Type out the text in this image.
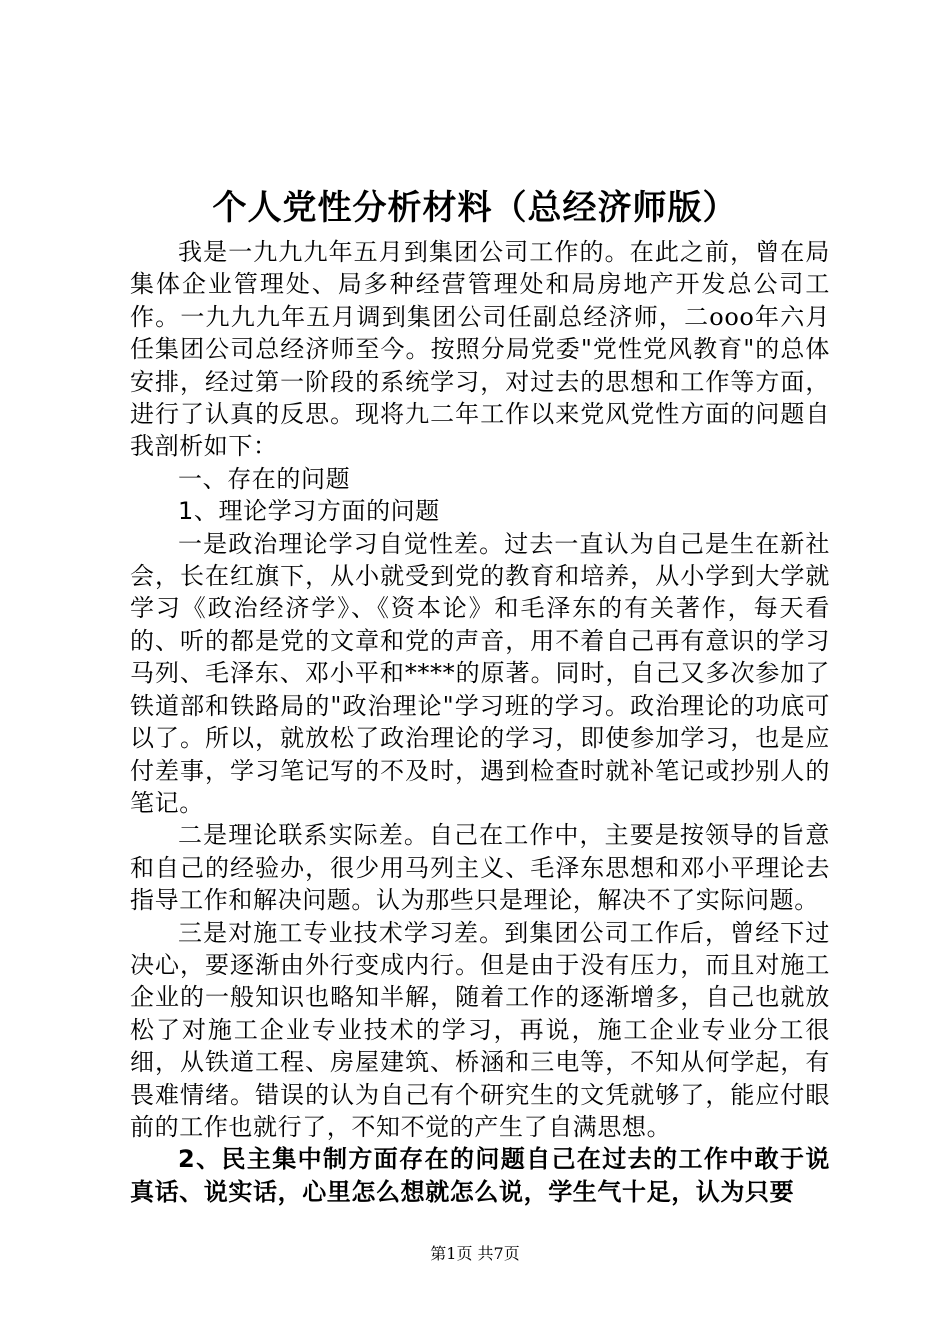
个人党性分析材料（总经济师版）

我是一九九九年五月到集团公司工作的。在此之前，曾在局集体企业管理处、局多种经营管理处和局房地产开发总公司工作。一九九九年五月调到集团公司任副总经济师，二ooo年六月任集团公司总经济师至今。按照分局党委"党性党风教育"的总体安排，经过第一阶段的系统学习，对过去的思想和工作等方面，进行了认真的反思。现将九二年工作以来党风党性方面的问题自我剖析如下：

一、存在的问题

1、理论学习方面的问题

一是政治理论学习自觉性差。过去一直认为自己是生在新社会，长在红旗下，从小就受到党的教育和培养，从小学到大学就学习《政治经济学》、《资本论》和毛泽东的有关著作，每天看的、听的都是党的文章和党的声音，用不着自己再有意识的学习马列、毛泽东、邓小平和****的原著。同时，自己又多次参加了铁道部和铁路局的"政治理论"学习班的学习。政治理论的功底可以了。所以，就放松了政治理论的学习，即使参加学习，也是应付差事，学习笔记写的不及时，遇到检查时就补笔记或抄别人的笔记。

二是理论联系实际差。自己在工作中，主要是按领导的旨意和自己的经验办，很少用马列主义、毛泽东思想和邓小平理论去指导工作和解决问题。认为那些只是理论，解决不了实际问题。

三是对施工专业技术学习差。到集团公司工作后，曾经下过决心，要逐渐由外行变成内行。但是由于没有压力，而且对施工企业的一般知识也略知半解，随着工作的逐渐增多，自己也就放松了对施工企业专业技术的学习，再说，施工企业专业分工很细，从铁道工程、房屋建筑、桥涵和三电等，不知从何学起，有畏难情绪。错误的认为自己有个研究生的文凭就够了，能应付眼前的工作也就行了，不知不觉的产生了自满思想。

2、民主集中制方面存在的问题自己在过去的工作中敢于说真话、说实话，心里怎么想就怎么说，学生气十足，认为只要

第1页 共7页
